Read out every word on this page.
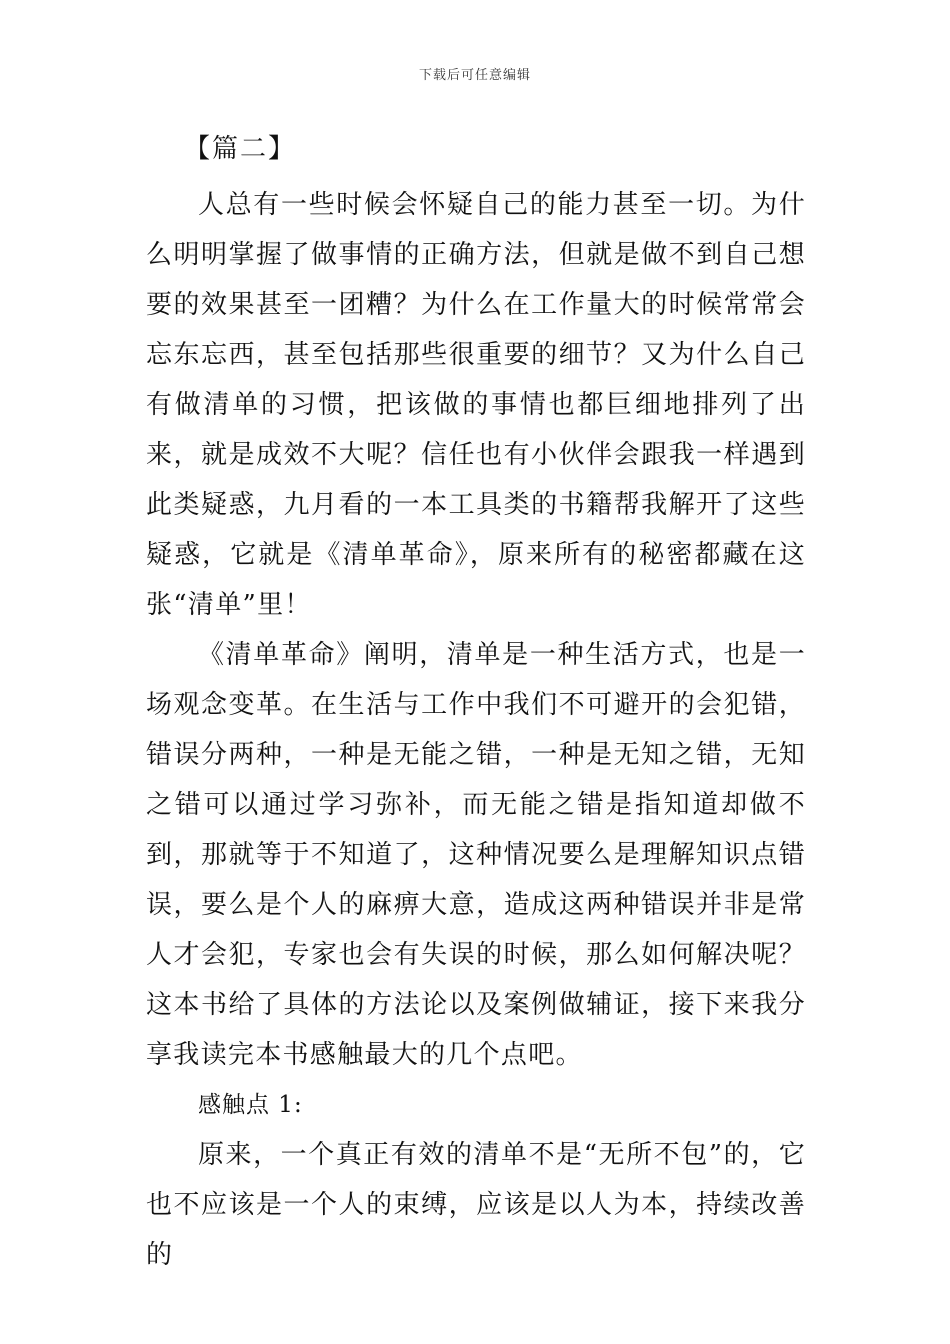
下载后可任意编辑
【篇二】

人总有一些时候会怀疑自己的能力甚至一切。为什么明明掌握了做事情的正确方法，但就是做不到自己想要的效果甚至一团糟？为什么在工作量大的时候常常会忘东忘西，甚至包括那些很重要的细节？又为什么自己有做清单的习惯，把该做的事情也都巨细地排列了出来，就是成效不大呢？信任也有小伙伴会跟我一样遇到此类疑惑，九月看的一本工具类的书籍帮我解开了这些疑惑，它就是《清单革命》，原来所有的秘密都藏在这张“清单”里！

《清单革命》阐明，清单是一种生活方式，也是一场观念变革。在生活与工作中我们不可避开的会犯错，错误分两种，一种是无能之错，一种是无知之错，无知之错可以通过学习弥补，而无能之错是指知道却做不到，那就等于不知道了，这种情况要么是理解知识点错误，要么是个人的麻痹大意，造成这两种错误并非是常人才会犯，专家也会有失误的时候，那么如何解决呢？这本书给了具体的方法论以及案例做辅证，接下来我分享我读完本书感触最大的几个点吧。

感触点 1:

原来，一个真正有效的清单不是“无所不包”的，它也不应该是一个人的束缚，应该是以人为本，持续改善的
